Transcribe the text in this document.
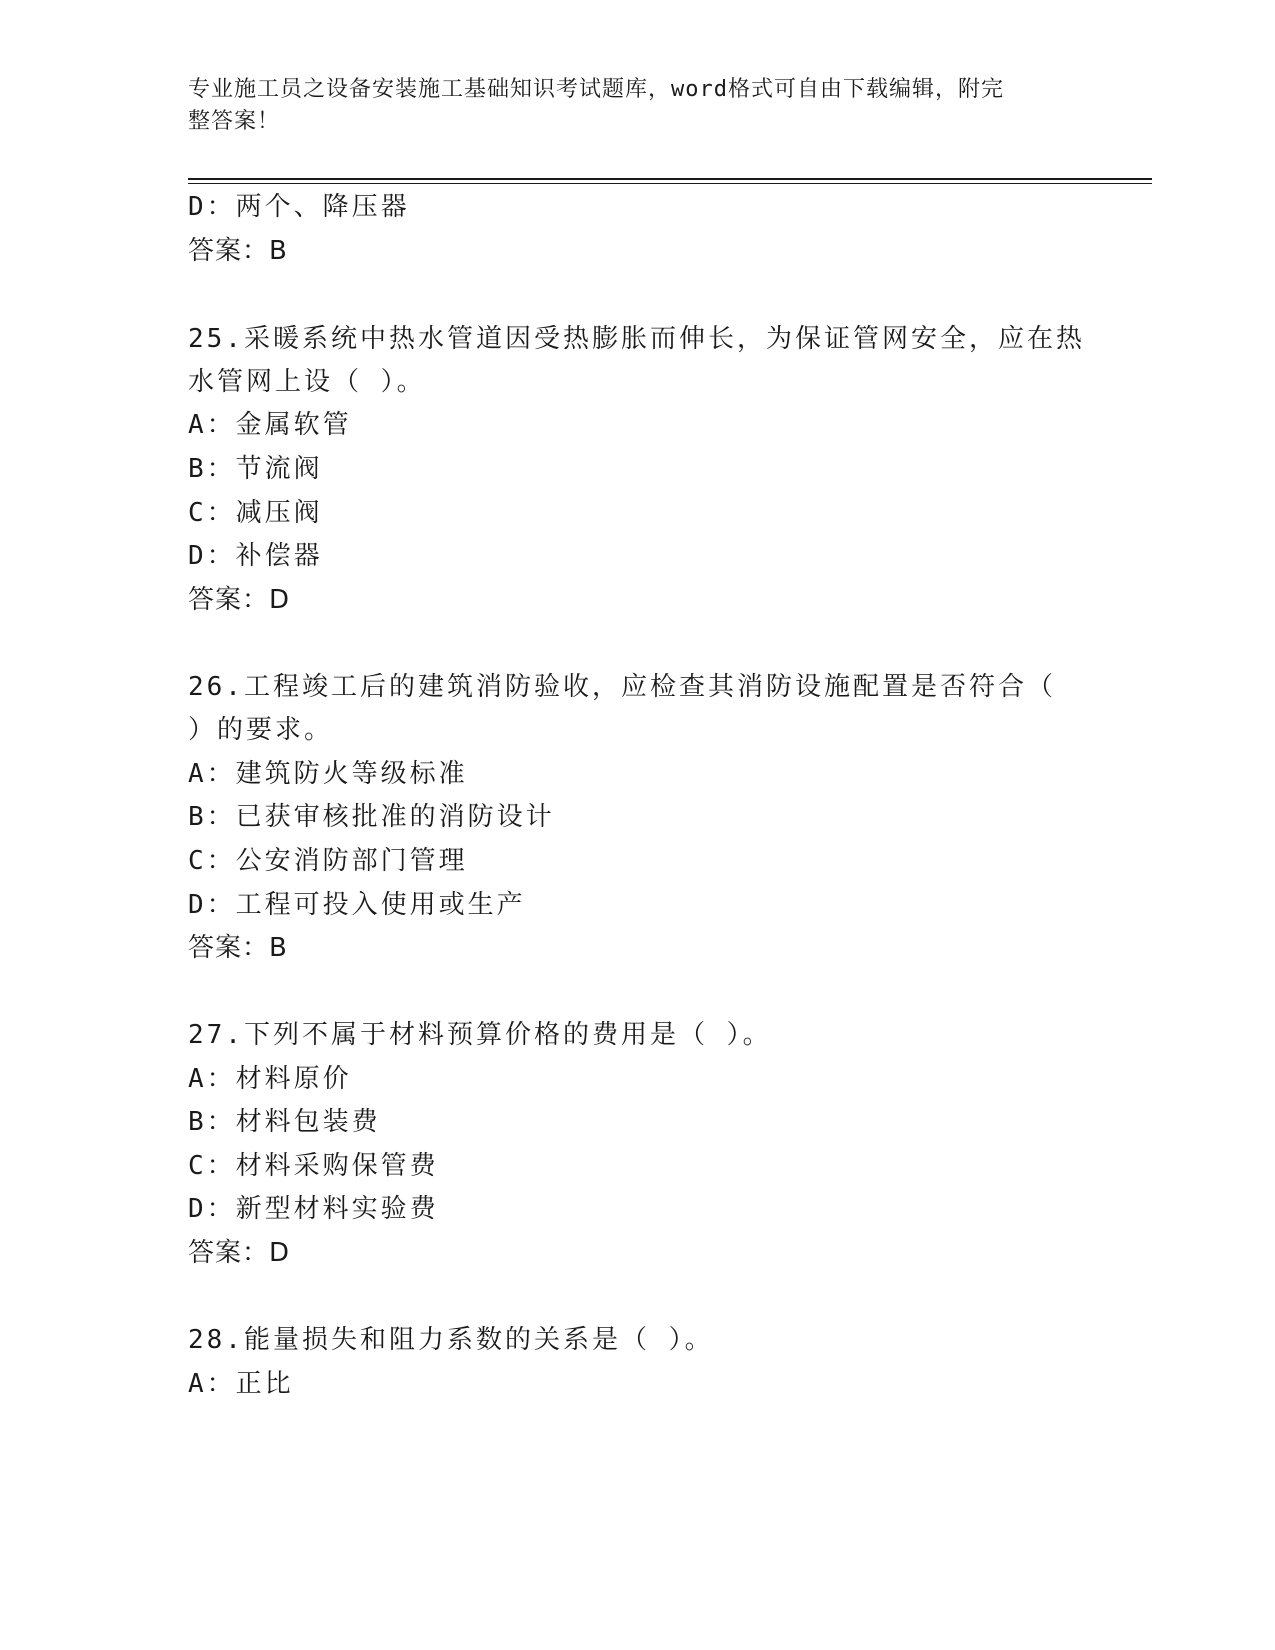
专业施工员之设备安装施工基础知识考试题库，word格式可自由下载编辑，附完
整答案！
D：两个、降压器
答案：B
25.采暖系统中热水管道因受热膨胀而伸长，为保证管网安全，应在热
水管网上设（ ）。
A：金属软管
B：节流阀
C：减压阀
D：补偿器
答案：D
26.工程竣工后的建筑消防验收，应检查其消防设施配置是否符合（
）的要求。
A：建筑防火等级标准
B：已获审核批准的消防设计
C：公安消防部门管理
D：工程可投入使用或生产
答案：B
27.下列不属于材料预算价格的费用是（ ）。
A：材料原价
B：材料包装费
C：材料采购保管费
D：新型材料实验费
答案：D
28.能量损失和阻力系数的关系是（ ）。
A：正比
